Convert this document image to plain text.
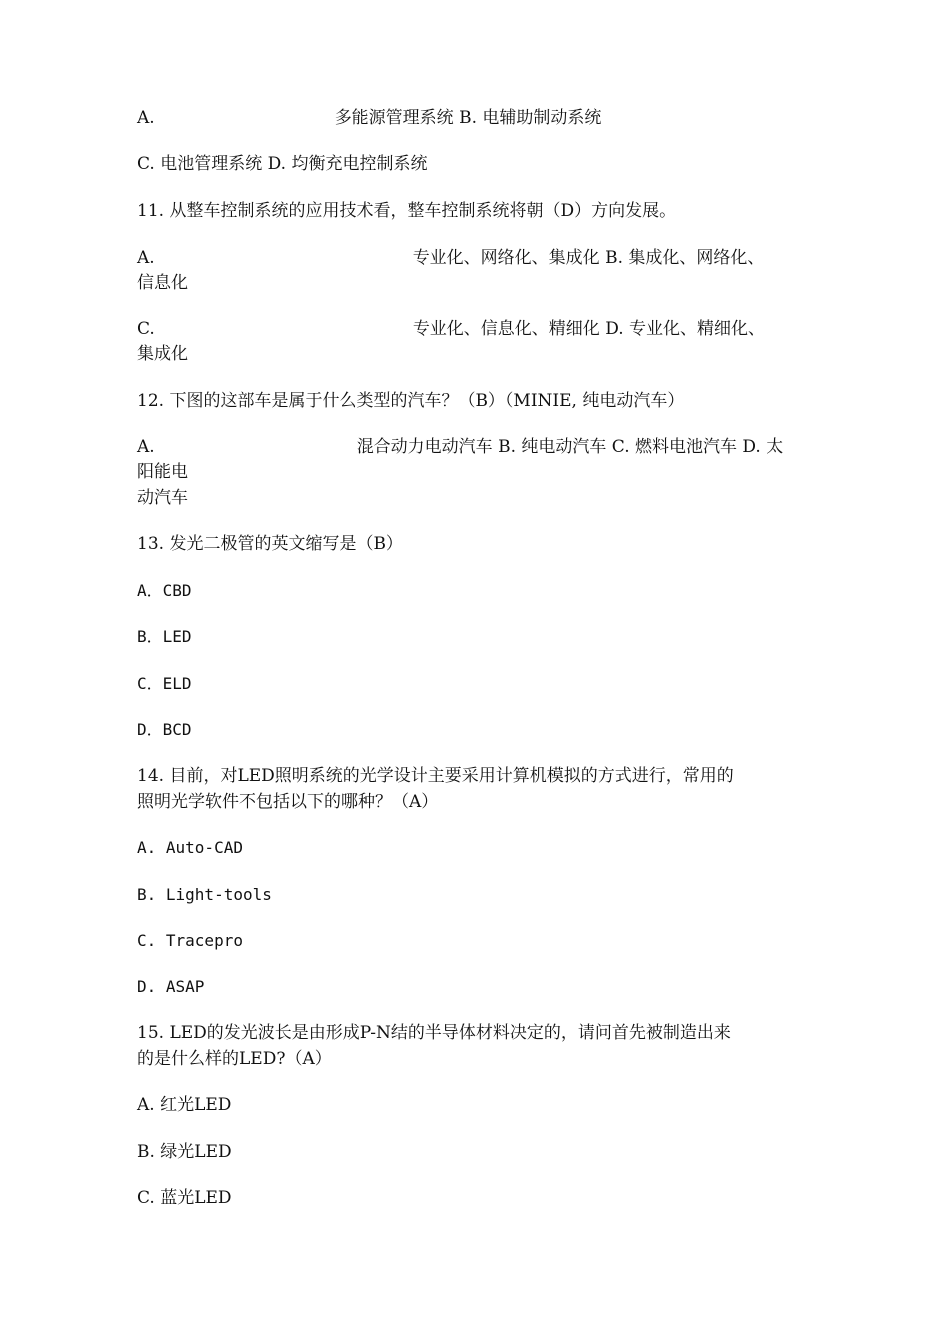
A.	多能源管理系统 B. 电辅助制动系统
C. 电池管理系统 D. 均衡充电控制系统
11. 从整车控制系统的应用技术看，整车控制系统将朝（D）方向发展。
A.	专业化、网络化、集成化 B. 集成化、网络化、
信息化
C.	专业化、信息化、精细化 D. 专业化、精细化、
集成化
12. 下图的这部车是属于什么类型的汽车？（B）（MINIE, 纯电动汽车）
A.	混合动力电动汽车 B. 纯电动汽车 C. 燃料电池汽车 D. 太
阳能电
动汽车
13. 发光二极管的英文缩写是（B）
A．CBD
B．LED
C．ELD
D．BCD
14. 目前，对LED照明系统的光学设计主要采用计算机模拟的方式进行，常用的
照明光学软件不包括以下的哪种？（A）
A. Auto-CAD
B. Light-tools
C. Tracepro
D. ASAP
15. LED的发光波长是由形成P-N结的半导体材料决定的，请问首先被制造出来
的是什么样的LED?（A）
A. 红光LED
B. 绿光LED
C. 蓝光LED
